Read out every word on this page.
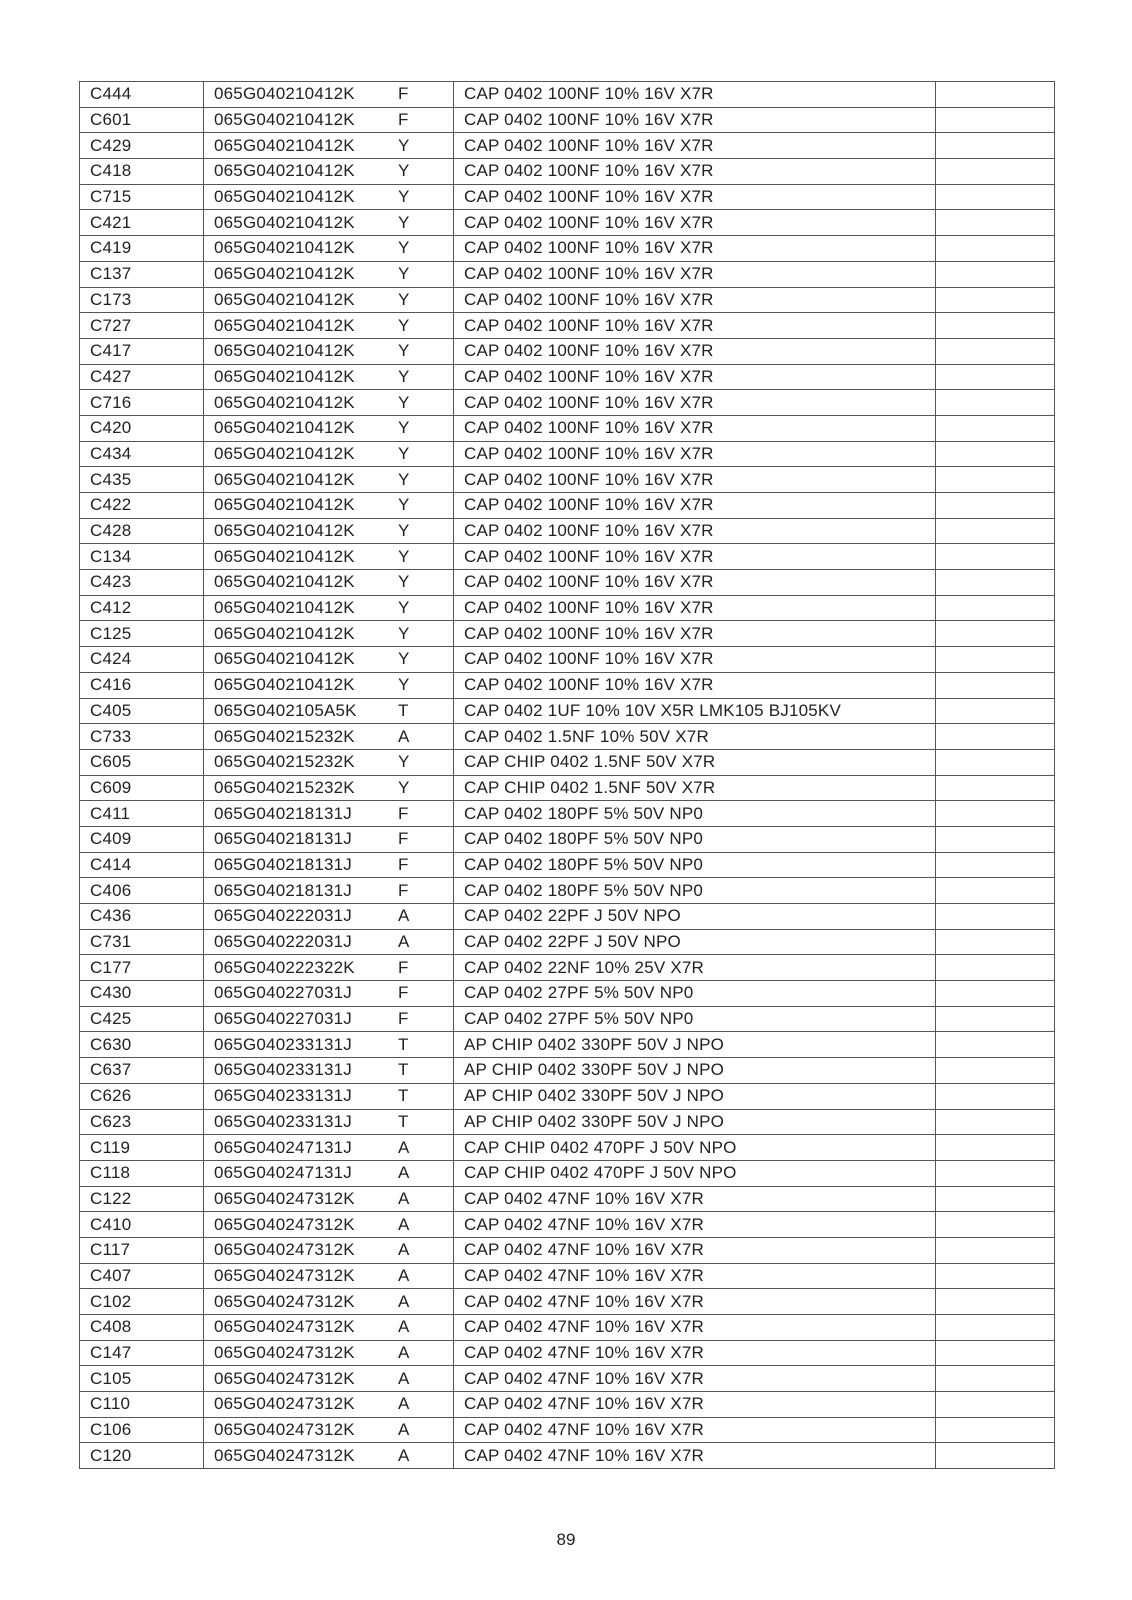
C444	065G040210412K F	CAP 0402 100NF 10% 16V X7R	
C601	065G040210412K F	CAP 0402 100NF 10% 16V X7R	
C429	065G040210412K Y	CAP 0402 100NF 10% 16V X7R	
C418	065G040210412K Y	CAP 0402 100NF 10% 16V X7R	
C715	065G040210412K Y	CAP 0402 100NF 10% 16V X7R	
C421	065G040210412K Y	CAP 0402 100NF 10% 16V X7R	
C419	065G040210412K Y	CAP 0402 100NF 10% 16V X7R	
C137	065G040210412K Y	CAP 0402 100NF 10% 16V X7R	
C173	065G040210412K Y	CAP 0402 100NF 10% 16V X7R	
C727	065G040210412K Y	CAP 0402 100NF 10% 16V X7R	
C417	065G040210412K Y	CAP 0402 100NF 10% 16V X7R	
C427	065G040210412K Y	CAP 0402 100NF 10% 16V X7R	
C716	065G040210412K Y	CAP 0402 100NF 10% 16V X7R	
C420	065G040210412K Y	CAP 0402 100NF 10% 16V X7R	
C434	065G040210412K Y	CAP 0402 100NF 10% 16V X7R	
C435	065G040210412K Y	CAP 0402 100NF 10% 16V X7R	
C422	065G040210412K Y	CAP 0402 100NF 10% 16V X7R	
C428	065G040210412K Y	CAP 0402 100NF 10% 16V X7R	
C134	065G040210412K Y	CAP 0402 100NF 10% 16V X7R	
C423	065G040210412K Y	CAP 0402 100NF 10% 16V X7R	
C412	065G040210412K Y	CAP 0402 100NF 10% 16V X7R	
C125	065G040210412K Y	CAP 0402 100NF 10% 16V X7R	
C424	065G040210412K Y	CAP 0402 100NF 10% 16V X7R	
C416	065G040210412K Y	CAP 0402 100NF 10% 16V X7R	
C405	065G0402105A5K T	CAP 0402 1UF 10% 10V X5R LMK105 BJ105KV	
C733	065G040215232K A	CAP 0402 1.5NF 10% 50V X7R	
C605	065G040215232K Y	CAP CHIP 0402 1.5NF 50V X7R	
C609	065G040215232K Y	CAP CHIP 0402 1.5NF 50V X7R	
C411	065G040218131J F	CAP 0402 180PF 5% 50V NP0	
C409	065G040218131J F	CAP 0402 180PF 5% 50V NP0	
C414	065G040218131J F	CAP 0402 180PF 5% 50V NP0	
C406	065G040218131J F	CAP 0402 180PF 5% 50V NP0	
C436	065G040222031J A	CAP 0402 22PF J 50V NPO	
C731	065G040222031J A	CAP 0402 22PF J 50V NPO	
C177	065G040222322K F	CAP 0402 22NF 10% 25V X7R	
C430	065G040227031J F	CAP 0402 27PF 5% 50V NP0	
C425	065G040227031J F	CAP 0402 27PF 5% 50V NP0	
C630	065G040233131J T	AP CHIP 0402 330PF 50V J NPO	
C637	065G040233131J T	AP CHIP 0402 330PF 50V J NPO	
C626	065G040233131J T	AP CHIP 0402 330PF 50V J NPO	
C623	065G040233131J T	AP CHIP 0402 330PF 50V J NPO	
C119	065G040247131J A	CAP CHIP 0402 470PF J 50V NPO	
C118	065G040247131J A	CAP CHIP 0402 470PF J 50V NPO	
C122	065G040247312K A	CAP 0402 47NF 10% 16V X7R	
C410	065G040247312K A	CAP 0402 47NF 10% 16V X7R	
C117	065G040247312K A	CAP 0402 47NF 10% 16V X7R	
C407	065G040247312K A	CAP 0402 47NF 10% 16V X7R	
C102	065G040247312K A	CAP 0402 47NF 10% 16V X7R	
C408	065G040247312K A	CAP 0402 47NF 10% 16V X7R	
C147	065G040247312K A	CAP 0402 47NF 10% 16V X7R	
C105	065G040247312K A	CAP 0402 47NF 10% 16V X7R	
C110	065G040247312K A	CAP 0402 47NF 10% 16V X7R	
C106	065G040247312K A	CAP 0402 47NF 10% 16V X7R	
C120	065G040247312K A	CAP 0402 47NF 10% 16V X7R	
89
